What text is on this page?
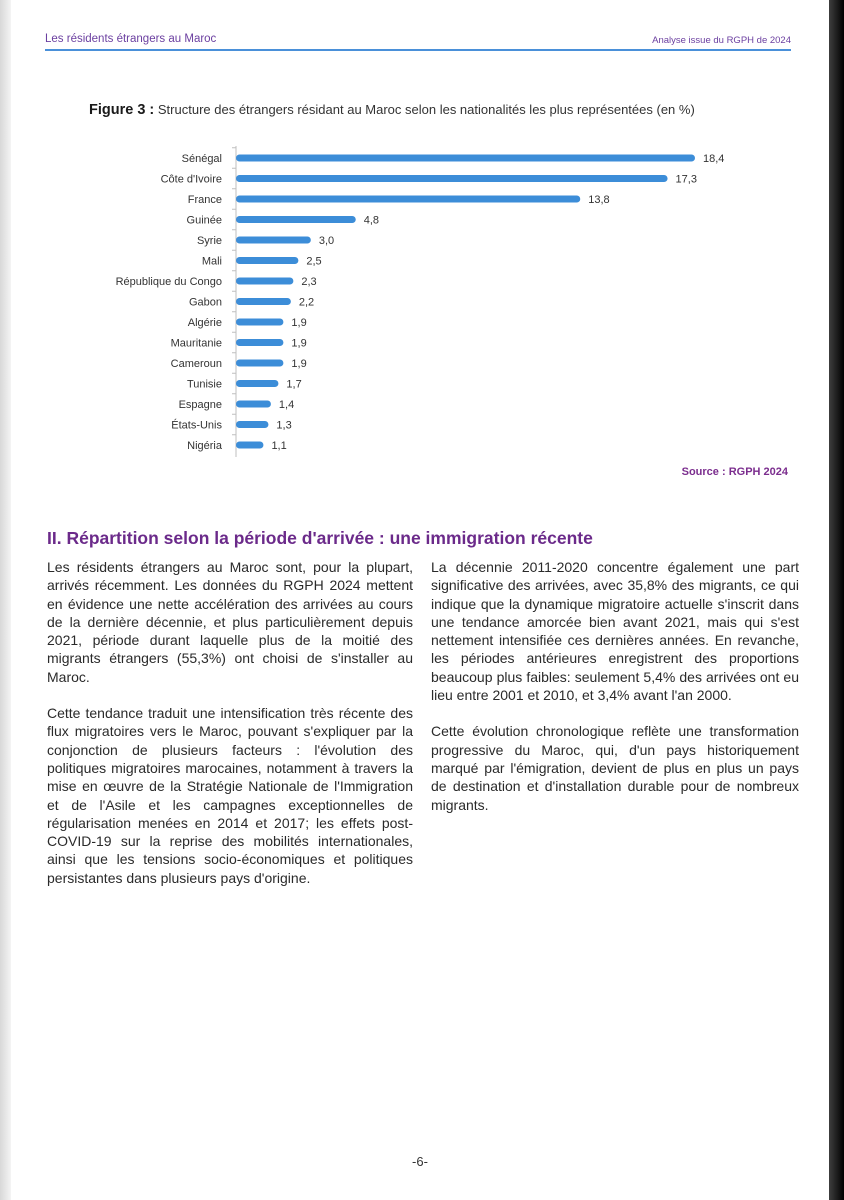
Les résidents étrangers au Maroc	Analyse issue du RGPH de 2024
Figure 3 : Structure des étrangers résidant au Maroc selon les nationalités les plus représentées (en %)
Sénégal	18,4
Côte d'Ivoire	17,3
France	13,8
Guinée	4,8
Syrie	3,0
Mali	2,5
République du Congo	2,3
Gabon	2,2
Algérie	1,9
Mauritanie	1,9
Cameroun	1,9
Tunisie	1,7
Espagne	1,4
États-Unis	1,3
Nigéria	1,1
Source : RGPH 2024
II. Répartition selon la période d'arrivée : une immigration récente

Les résidents étrangers au Maroc sont, pour la plupart, arrivés récemment. Les données du RGPH 2024 mettent en évidence une nette accélération des arrivées au cours de la dernière décennie, et plus particulièrement depuis 2021, période durant laquelle plus de la moitié des migrants étrangers (55,3%) ont choisi de s'installer au Maroc.

Cette tendance traduit une intensification très récente des flux migratoires vers le Maroc, pouvant s'expliquer par la conjonction de plusieurs facteurs : l'évolution des politiques migratoires marocaines, notamment à travers la mise en œuvre de la Stratégie Nationale de l'Immigration et de l'Asile et les campagnes exceptionnelles de régularisation menées en 2014 et 2017; les effets post-COVID-19 sur la reprise des mobilités internationales, ainsi que les tensions socio-économiques et politiques persistantes dans plusieurs pays d'origine.

La décennie 2011-2020 concentre également une part significative des arrivées, avec 35,8% des migrants, ce qui indique que la dynamique migratoire actuelle s'inscrit dans une tendance amorcée bien avant 2021, mais qui s'est nettement intensifiée ces dernières années. En revanche, les périodes antérieures enregistrent des proportions beaucoup plus faibles: seulement 5,4% des arrivées ont eu lieu entre 2001 et 2010, et 3,4% avant l'an 2000.

Cette évolution chronologique reflète une transformation progressive du Maroc, qui, d'un pays historiquement marqué par l'émigration, devient de plus en plus un pays de destination et d'installation durable pour de nombreux migrants.

-6-
